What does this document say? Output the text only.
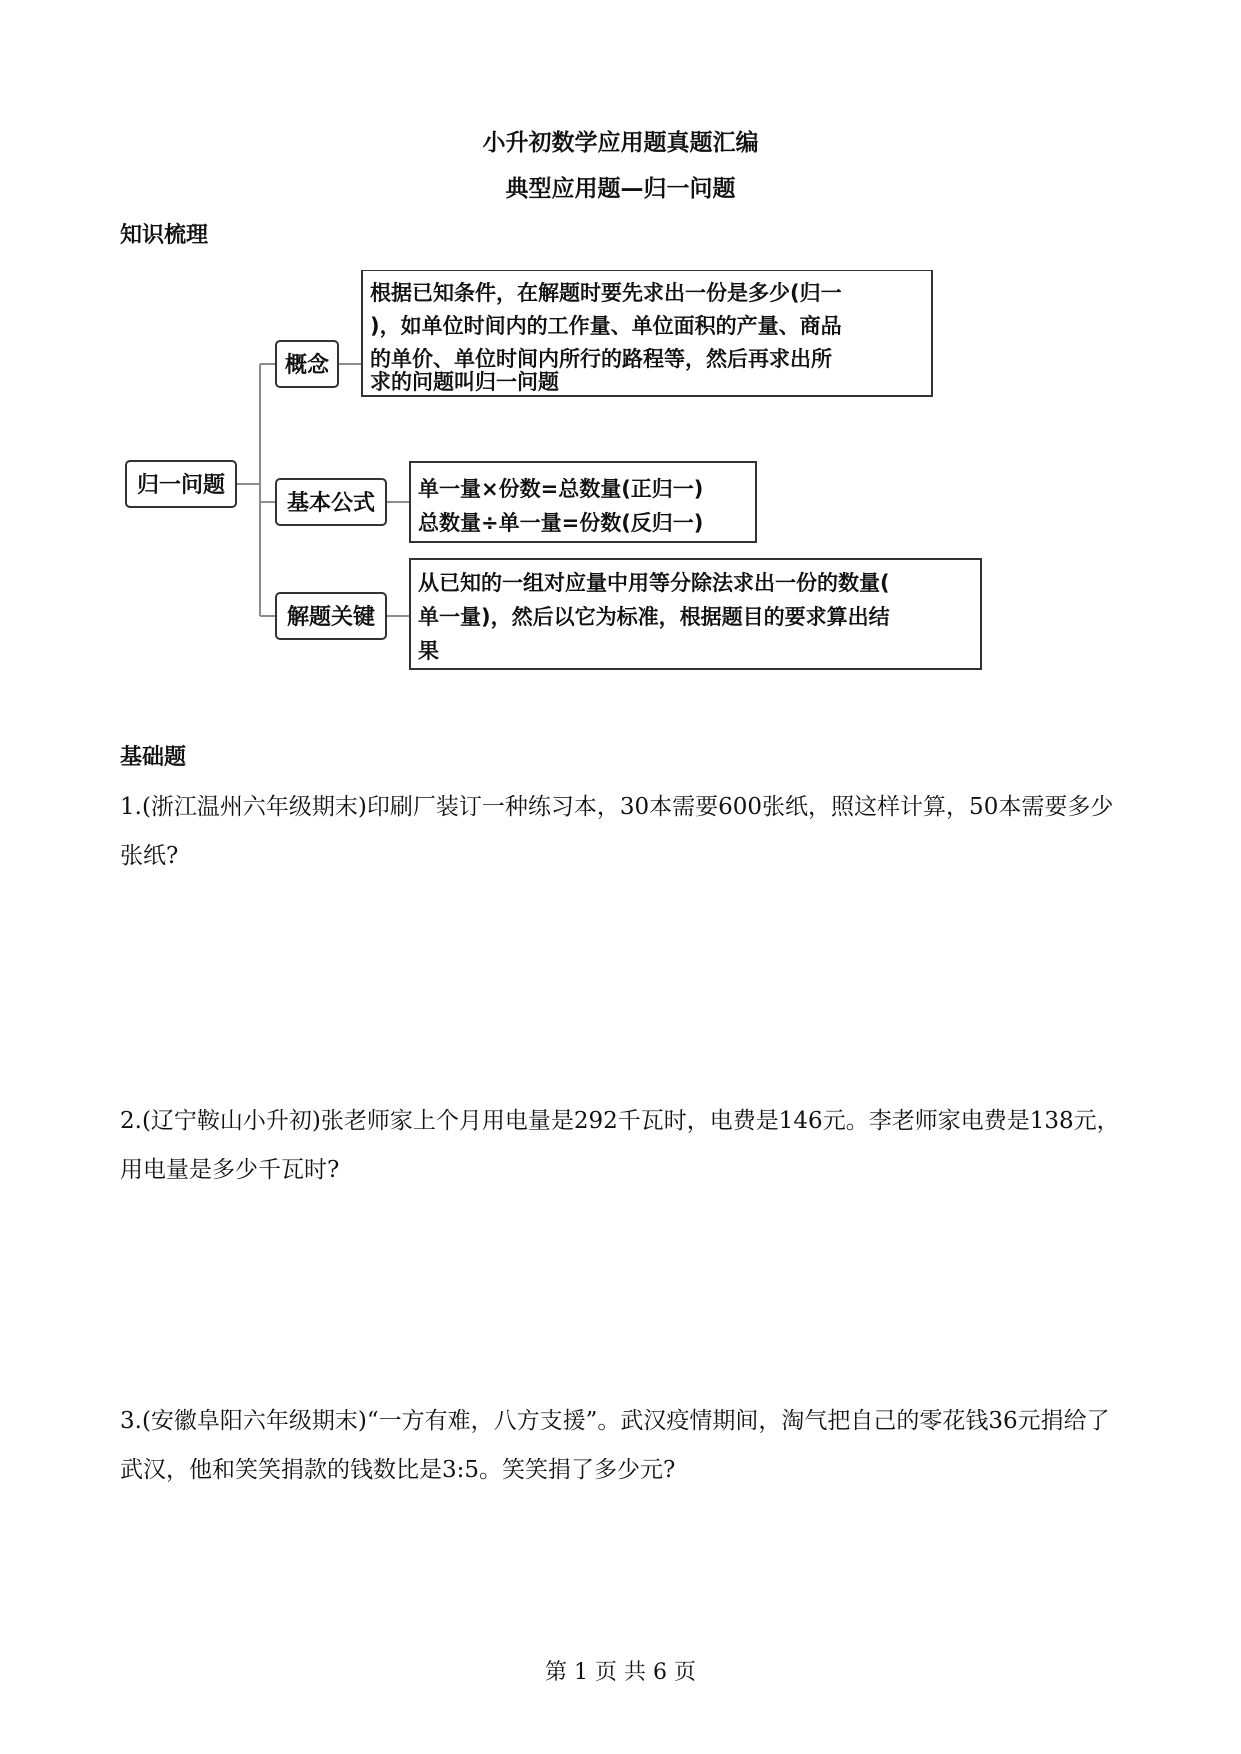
小升初数学应用题真题汇编
典型应用题—归一问题
知识梳理
归一问题
概念
根据已知条件，在解题时要先求出一份是多少(归一
)，如单位时间内的工作量、单位面积的产量、商品
的单价、单位时间内所行的路程等，然后再求出所
求的问题叫归一问题
基本公式
单一量×份数=总数量(正归一)
总数量÷单一量=份数(反归一)
解题关键
从已知的一组对应量中用等分除法求出一份的数量(
单一量)，然后以它为标准，根据题目的要求算出结
果
基础题
1.(浙江温州六年级期末)印刷厂装订一种练习本，30本需要600张纸，照这样计算，50本需要多少张纸?
2.(辽宁鞍山小升初)张老师家上个月用电量是292千瓦时，电费是146元。李老师家电费是138元，用电量是多少千瓦时?
3.(安徽阜阳六年级期末)“一方有难，八方支援”。武汉疫情期间，淘气把自己的零花钱36元捐给了武汉，他和笑笑捐款的钱数比是3:5。笑笑捐了多少元?
第 1 页 共 6 页
